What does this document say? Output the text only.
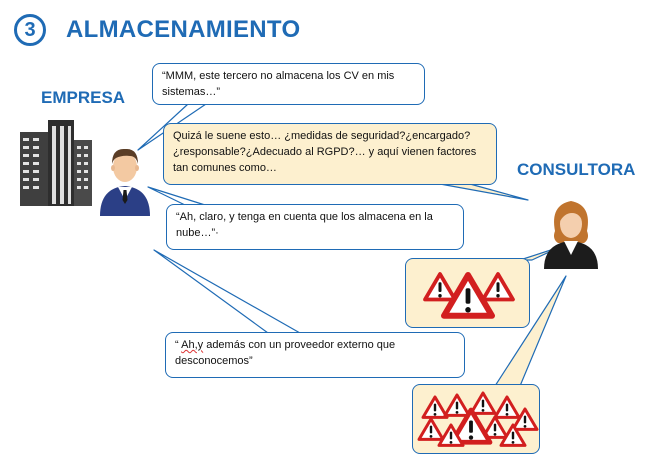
3	ALMACENAMIENTO
EMPRESA
CONSULTORA
“MMM, este tercero no almacena los CV en mis sistemas…”
Quizá le suene esto… ¿medidas de seguridad?¿encargado?¿responsable?¿Adecuado al RGPD?… y aquí vienen factores tan comunes como…
“Ah, claro, y tenga en cuenta que los almacena en la nube…”·
“ Ah,y además con un proveedor externo que desconocemos”
